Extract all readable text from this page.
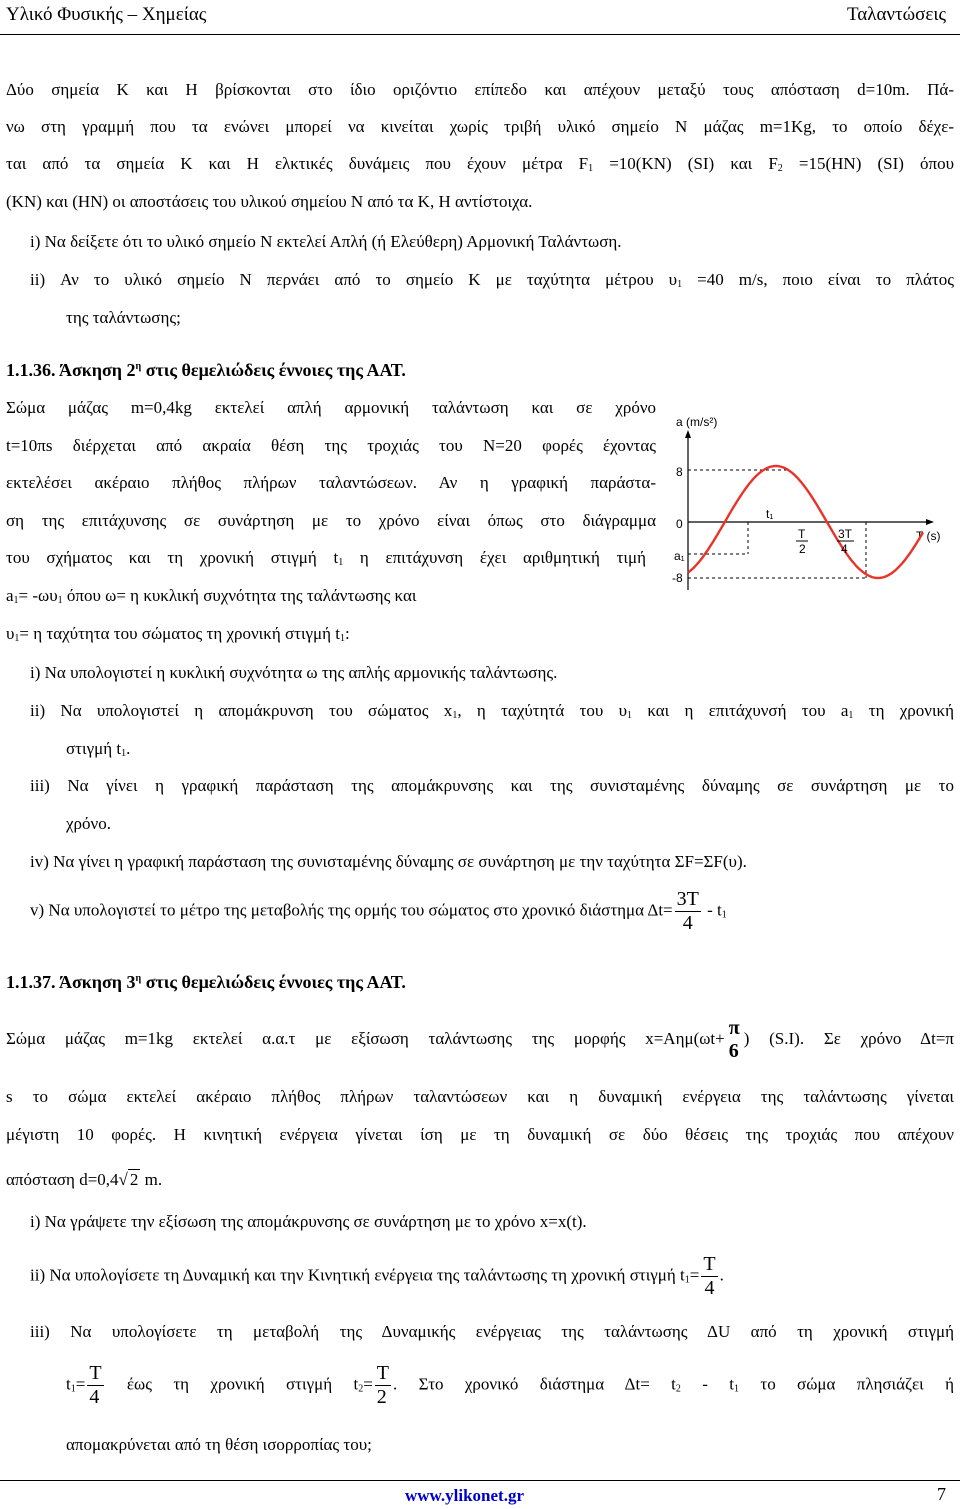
Υλικό Φυσικής – Χημείας	Ταλαντώσεις
Δύο σημεία Κ και Η βρίσκονται στο ίδιο οριζόντιο επίπεδο και απέχουν μεταξύ τους απόσταση d=10m. Πά-
νω στη γραμμή που τα ενώνει μπορεί να κινείται χωρίς τριβή υλικό σημείο Ν μάζας m=1Kg, το οποίο δέχε-
ται από τα σημεία Κ και Η ελκτικές δυνάμεις που έχουν μέτρα $F_1 =10(KN)$ (SI) και $F_2 =15(HN)$ (SI) όπου
(ΚΝ) και (ΗΝ) οι αποστάσεις του υλικού σημείου Ν από τα Κ, Η αντίστοιχα.
i) Να δείξετε ότι το υλικό σημείο Ν εκτελεί Απλή (ή Ελεύθερη) Αρμονική Ταλάντωση.
ii) Αν το υλικό σημείο Ν περνάει από το σημείο Κ με ταχύτητα μέτρου $\upsilon_1 =40$ m/s, ποιο είναι το πλάτος
της ταλάντωσης;
1.1.36. Άσκηση $2^\eta$ στις θεμελιώδεις έννοιες της ΑΑΤ.
Σώμα μάζας m=0,4kg εκτελεί απλή αρμονική ταλάντωση και σε χρόνο
t=10πs διέρχεται από ακραία θέση της τροχιάς του Ν=20 φορές έχοντας
εκτελέσει ακέραιο πλήθος πλήρων ταλαντώσεων. Αν η γραφική παράστα-
ση της επιτάχυνσης σε συνάρτηση με το χρόνο είναι όπως στο διάγραμμα
του σχήματος και τη χρονική στιγμή $t_1$ η επιτάχυνση έχει αριθμητική τιμή
$a_1= -\omega\upsilon_1$ όπου ω= η κυκλική συχνότητα της ταλάντωσης και
$\upsilon_1= \eta$ ταχύτητα του σώματος τη χρονική στιγμή $t_1$:
a (m/s²)
T (s)
8
0
a₁
-8
T
2
t₁
3T
4
i) Να υπολογιστεί η κυκλική συχνότητα ω της απλής αρμονικής ταλάντωσης.
ii) Να υπολογιστεί η απομάκρυνση του σώματος $x_1$, η ταχύτητά του $\upsilon_1$ και η επιτάχυνσή του $a_1$ τη χρονική
στιγμή $t_1$.
iii) Να γίνει η γραφική παράσταση της απομάκρυνσης και της συνισταμένης δύναμης σε συνάρτηση με το
χρόνο.
iv) Να γίνει η γραφική παράσταση της συνισταμένης δύναμης σε συνάρτηση με την ταχύτητα ΣF=ΣF(υ).
v) Να υπολογιστεί το μέτρο της μεταβολής της ορμής του σώματος στο χρονικό διάστημα $\Delta t= \frac{3T}{4} - t_1$
1.1.37. Άσκηση $3^\eta$ στις θεμελιώδεις έννοιες της ΑΑΤ.
Σώμα μάζας m=1kg εκτελεί α.α.τ με εξίσωση ταλάντωσης της μορφής x=Αημ(ωt+ π
6
) (S.I). Σε χρόνο Δt=π
s το σώμα εκτελεί ακέραιο πλήθος πλήρων ταλαντώσεων και η δυναμική ενέργεια της ταλάντωσης γίνεται
μέγιστη 10 φορές. Η κινητική ενέργεια γίνεται ίση με τη δυναμική σε δύο θέσεις της τροχιάς που απέχουν
απόσταση d=0,4√ 2 m.
i) Να γράψετε την εξίσωση της απομάκρυνσης σε συνάρτηση με το χρόνο x=x(t).
ii) Να υπολογίσετε τη Δυναμική και την Κινητική ενέργεια της ταλάντωσης τη χρονική στιγμή $t_1= \frac{T}{4}$ .
iii) Να υπολογίσετε τη μεταβολή της Δυναμικής ενέργειας της ταλάντωσης ΔU από τη χρονική στιγμή
$t_1= \frac{T}{4}$ έως τη χρονική στιγμή $t_2= \frac{T}{2}$ . Στο χρονικό διάστημα $\Delta t= t_2 - t_1$ το σώμα πλησιάζει ή
απομακρύνεται από τη θέση ισορροπίας του;
www.ylikonet.gr	7
